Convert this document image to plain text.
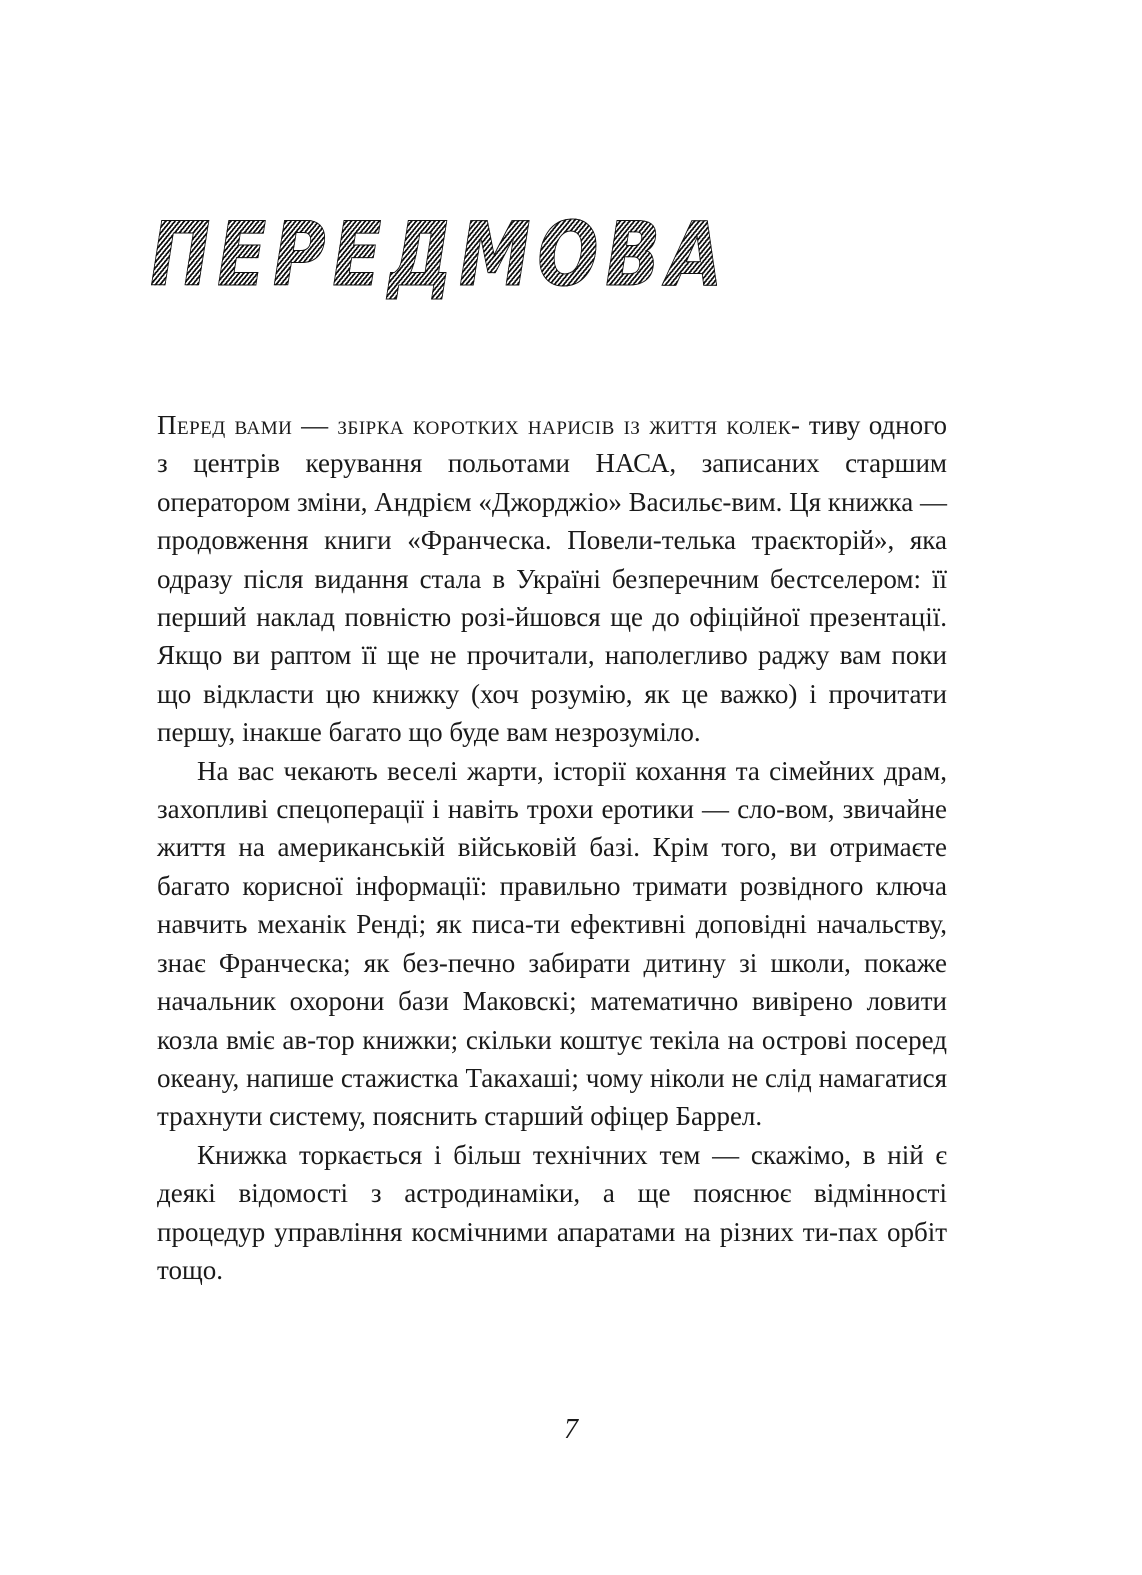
ПЕРЕДМОВА

Перед вами — збірка коротких нарисів із життя колек- тиву одного з центрів керування польотами НАСА, записаних старшим оператором зміни, Андрієм «Джорджіо» Васильє-вим. Ця книжка — продовження книги «Франческа. Повели-телька траєкторій», яка одразу після видання стала в Україні безперечним бестселером: її перший наклад повністю розі-йшовся ще до офіційної презентації. Якщо ви раптом її ще не прочитали, наполегливо раджу вам поки що відкласти цю книжку (хоч розумію, як це важко) і прочитати першу, інакше багато що буде вам незрозуміло.

На вас чекають веселі жарти, історії кохання та сімейних драм, захопливі спецоперації і навіть трохи еротики — сло-вом, звичайне життя на американській військовій базі. Крім того, ви отримаєте багато корисної інформації: правильно тримати розвідного ключа навчить механік Ренді; як писа-ти ефективні доповідні начальству, знає Франческа; як без-печно забирати дитину зі школи, покаже начальник охорони бази Маковскі; математично вивірено ловити козла вміє ав-тор книжки; скільки коштує текіла на острові посеред океану, напише стажистка Такахаші; чому ніколи не слід намагатися трахнути систему, пояснить старший офіцер Баррел.

Книжка торкається і більш технічних тем — скажімо, в ній є деякі відомості з астродинаміки, а ще пояснює відмінності процедур управління космічними апаратами на різних ти-пах орбіт тощо.

7
